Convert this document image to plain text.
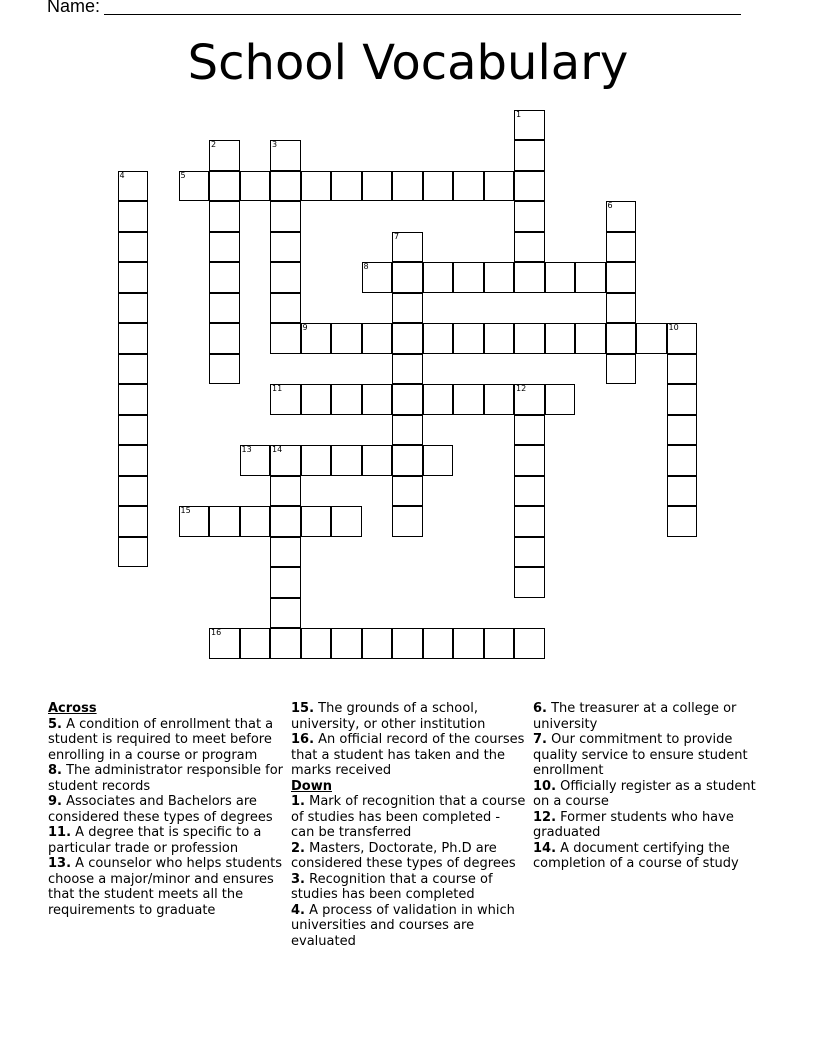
Name:
School Vocabulary
1
2	3
4	5
6
7
8
9	10
11	12
13	14
15
16
Across
5. A condition of enrollment that a student is required to meet before enrolling in a course or program
8. The administrator responsible for student records
9. Associates and Bachelors are considered these types of degrees
11. A degree that is specific to a particular trade or profession
13. A counselor who helps students choose a major/minor and ensures that the student meets all the requirements to graduate
15. The grounds of a school, university, or other institution
16. An official record of the courses that a student has taken and the marks received
Down
1. Mark of recognition that a course of studies has been completed - can be transferred
2. Masters, Doctorate, Ph.D are considered these types of degrees
3. Recognition that a course of studies has been completed
4. A process of validation in which universities and courses are evaluated
6. The treasurer at a college or university
7. Our commitment to provide quality service to ensure student enrollment
10. Officially register as a student on a course
12. Former students who have graduated
14. A document certifying the completion of a course of study
